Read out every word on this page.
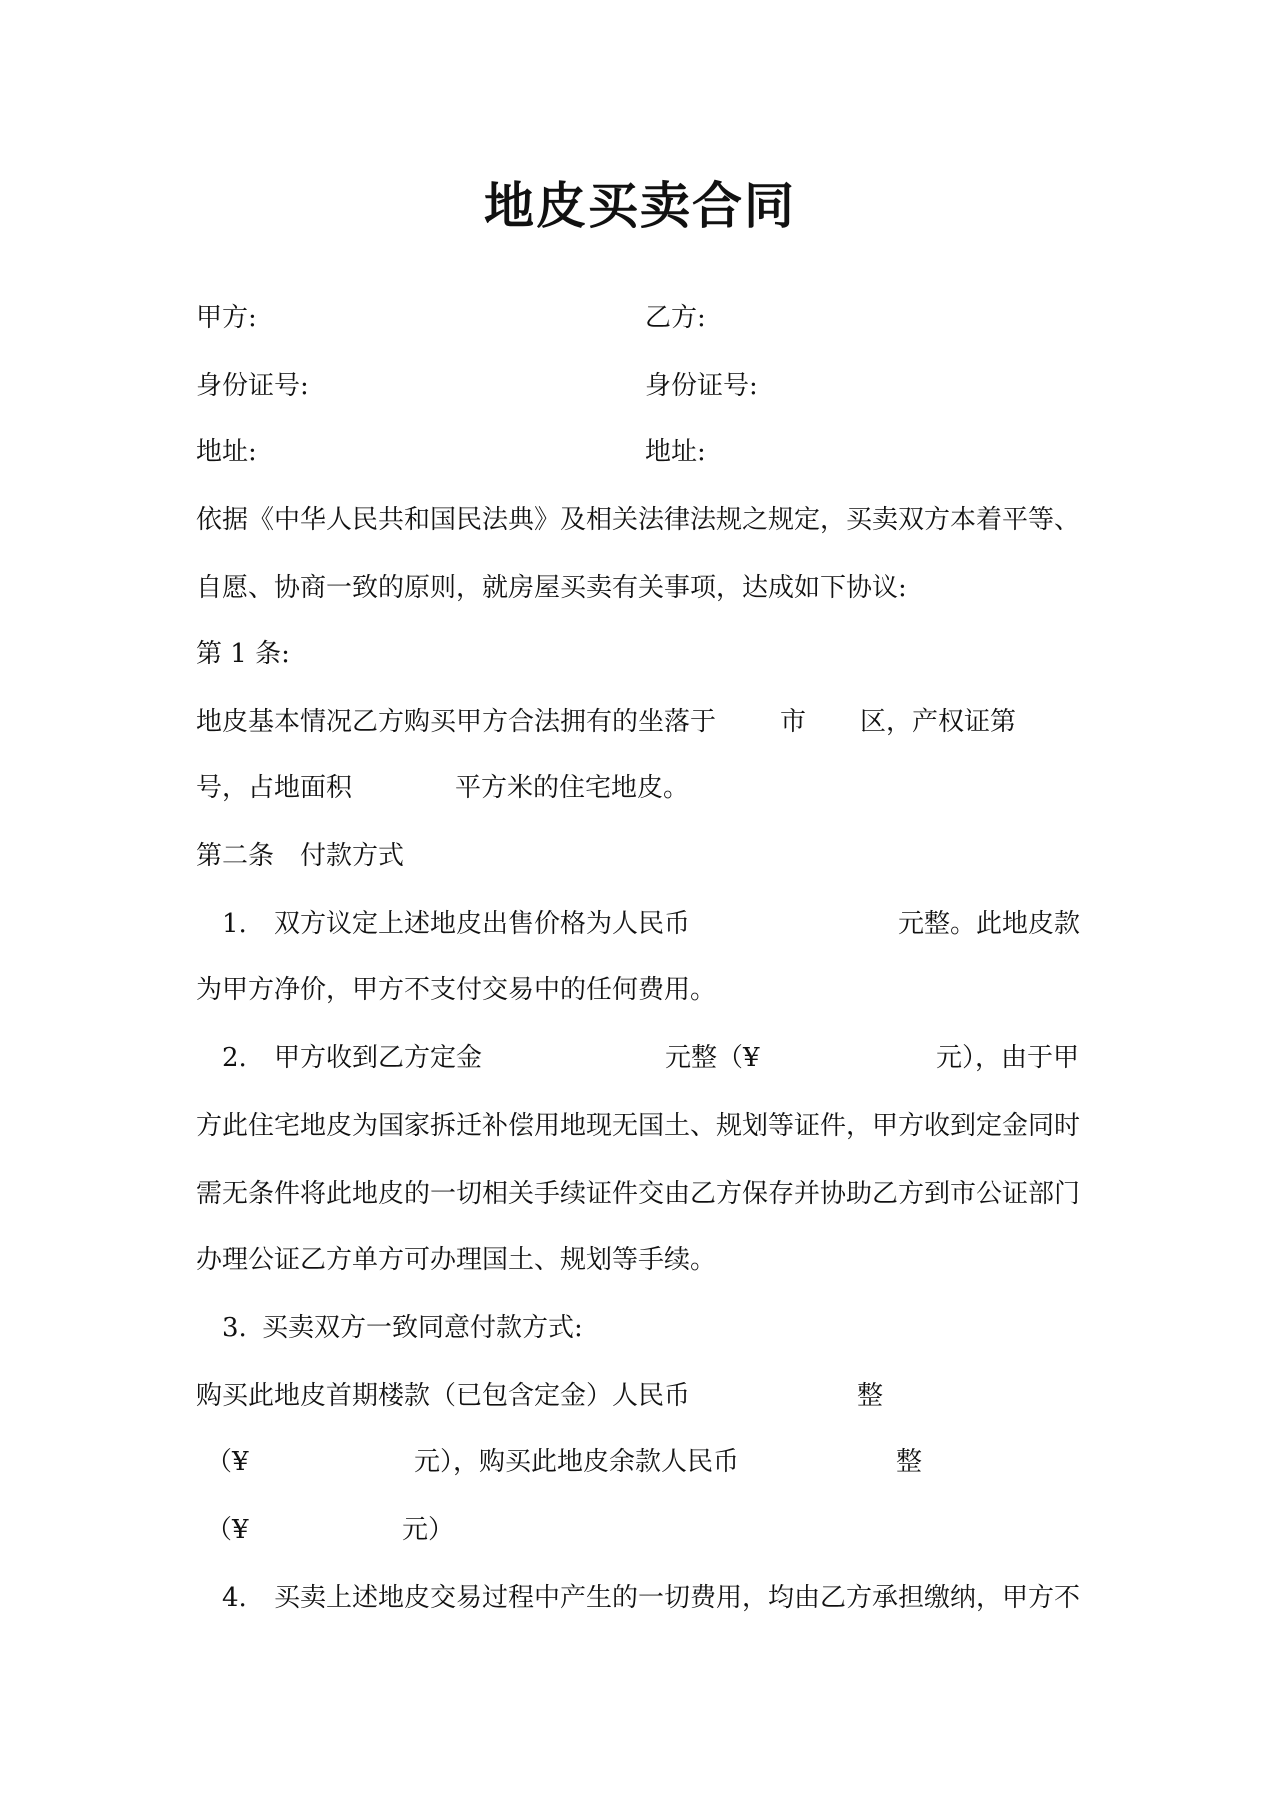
地皮买卖合同
甲方:	乙方:
身份证号:	身份证号:
地址:	地址:
依据《中华人民共和国民法典》及相关法律法规之规定，买卖双方本着平等、
自愿、协商一致的原则，就房屋买卖有关事项，达成如下协议:
第 1 条:
地皮基本情况乙方购买甲方合法拥有的坐落于 市 区，产权证第
号，占地面积	平方米的住宅地皮。
第二条　付款方式
1. 双方议定上述地皮出售价格为人民币	元整。此地皮款
为甲方净价，甲方不支付交易中的任何费用。
2. 甲方收到乙方定金	元整（¥	元），由于甲
方此住宅地皮为国家拆迁补偿用地现无国土、规划等证件，甲方收到定金同时
需无条件将此地皮的一切相关手续证件交由乙方保存并协助乙方到市公证部门
办理公证乙方单方可办理国土、规划等手续。
3. 买卖双方一致同意付款方式:
购买此地皮首期楼款（已包含定金）人民币	整
（¥	元），购买此地皮余款人民币	整
（¥	元）
4. 买卖上述地皮交易过程中产生的一切费用，均由乙方承担缴纳，甲方不
